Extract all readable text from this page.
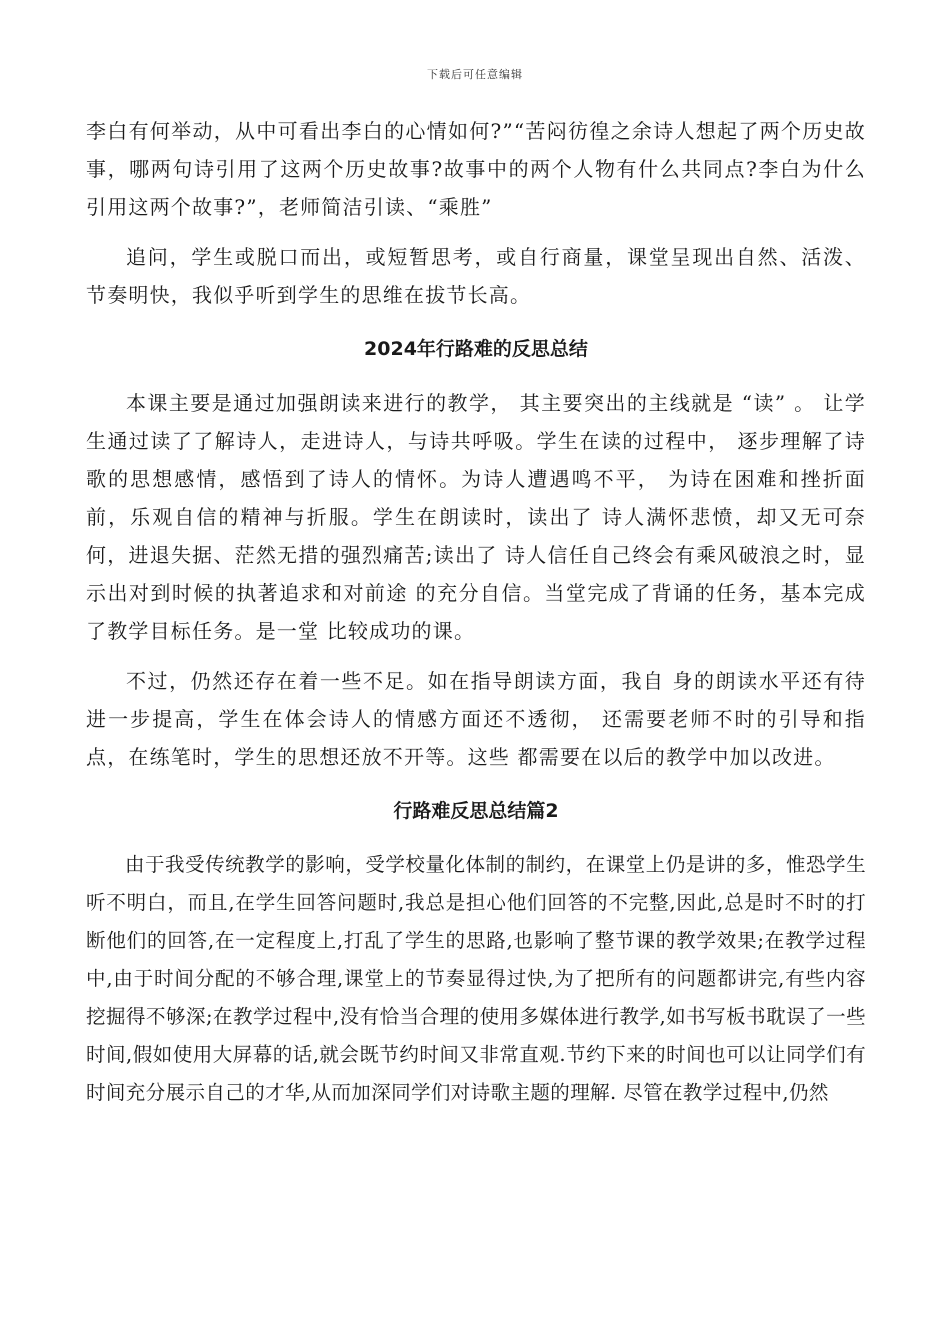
下载后可任意编辑

李白有何举动，从中可看出李白的心情如何?”“苦闷彷徨之余诗人想起了两个历史故事，哪两句诗引用了这两个历史故事?故事中的两个人物有什么共同点?李白为什么引用这两个故事?”，老师简洁引读、“乘胜”

追问，学生或脱口而出，或短暂思考，或自行商量，课堂呈现出自然、活泼、节奏明快，我似乎听到学生的思维在拔节长高。

2024年行路难的反思总结

本课主要是通过加强朗读来进行的教学， 其主要突出的主线就是 “读” 。 让学生通过读了了解诗人，走进诗人，与诗共呼吸。学生在读的过程中， 逐步理解了诗歌的思想感情，感悟到了诗人的情怀。为诗人遭遇鸣不平， 为诗在困难和挫折面前，乐观自信的精神与折服。学生在朗读时，读出了 诗人满怀悲愤，却又无可奈何，进退失据、茫然无措的强烈痛苦;读出了 诗人信任自己终会有乘风破浪之时，显示出对到时候的执著追求和对前途 的充分自信。当堂完成了背诵的任务，基本完成了教学目标任务。是一堂 比较成功的课。

不过，仍然还存在着一些不足。如在指导朗读方面，我自 身的朗读水平还有待进一步提高，学生在体会诗人的情感方面还不透彻， 还需要老师不时的引导和指点，在练笔时，学生的思想还放不开等。这些 都需要在以后的教学中加以改进。

行路难反思总结篇2

由于我受传统教学的影响，受学校量化体制的制约，在课堂上仍是讲的多，惟恐学生听不明白，而且,在学生回答问题时,我总是担心他们回答的不完整,因此,总是时不时的打断他们的回答,在一定程度上,打乱了学生的思路,也影响了整节课的教学效果;在教学过程中,由于时间分配的不够合理,课堂上的节奏显得过快,为了把所有的问题都讲完,有些内容挖掘得不够深;在教学过程中,没有恰当合理的使用多媒体进行教学,如书写板书耽误了一些时间,假如使用大屏幕的话,就会既节约时间又非常直观.节约下来的时间也可以让同学们有时间充分展示自己的才华,从而加深同学们对诗歌主题的理解. 尽管在教学过程中,仍然
